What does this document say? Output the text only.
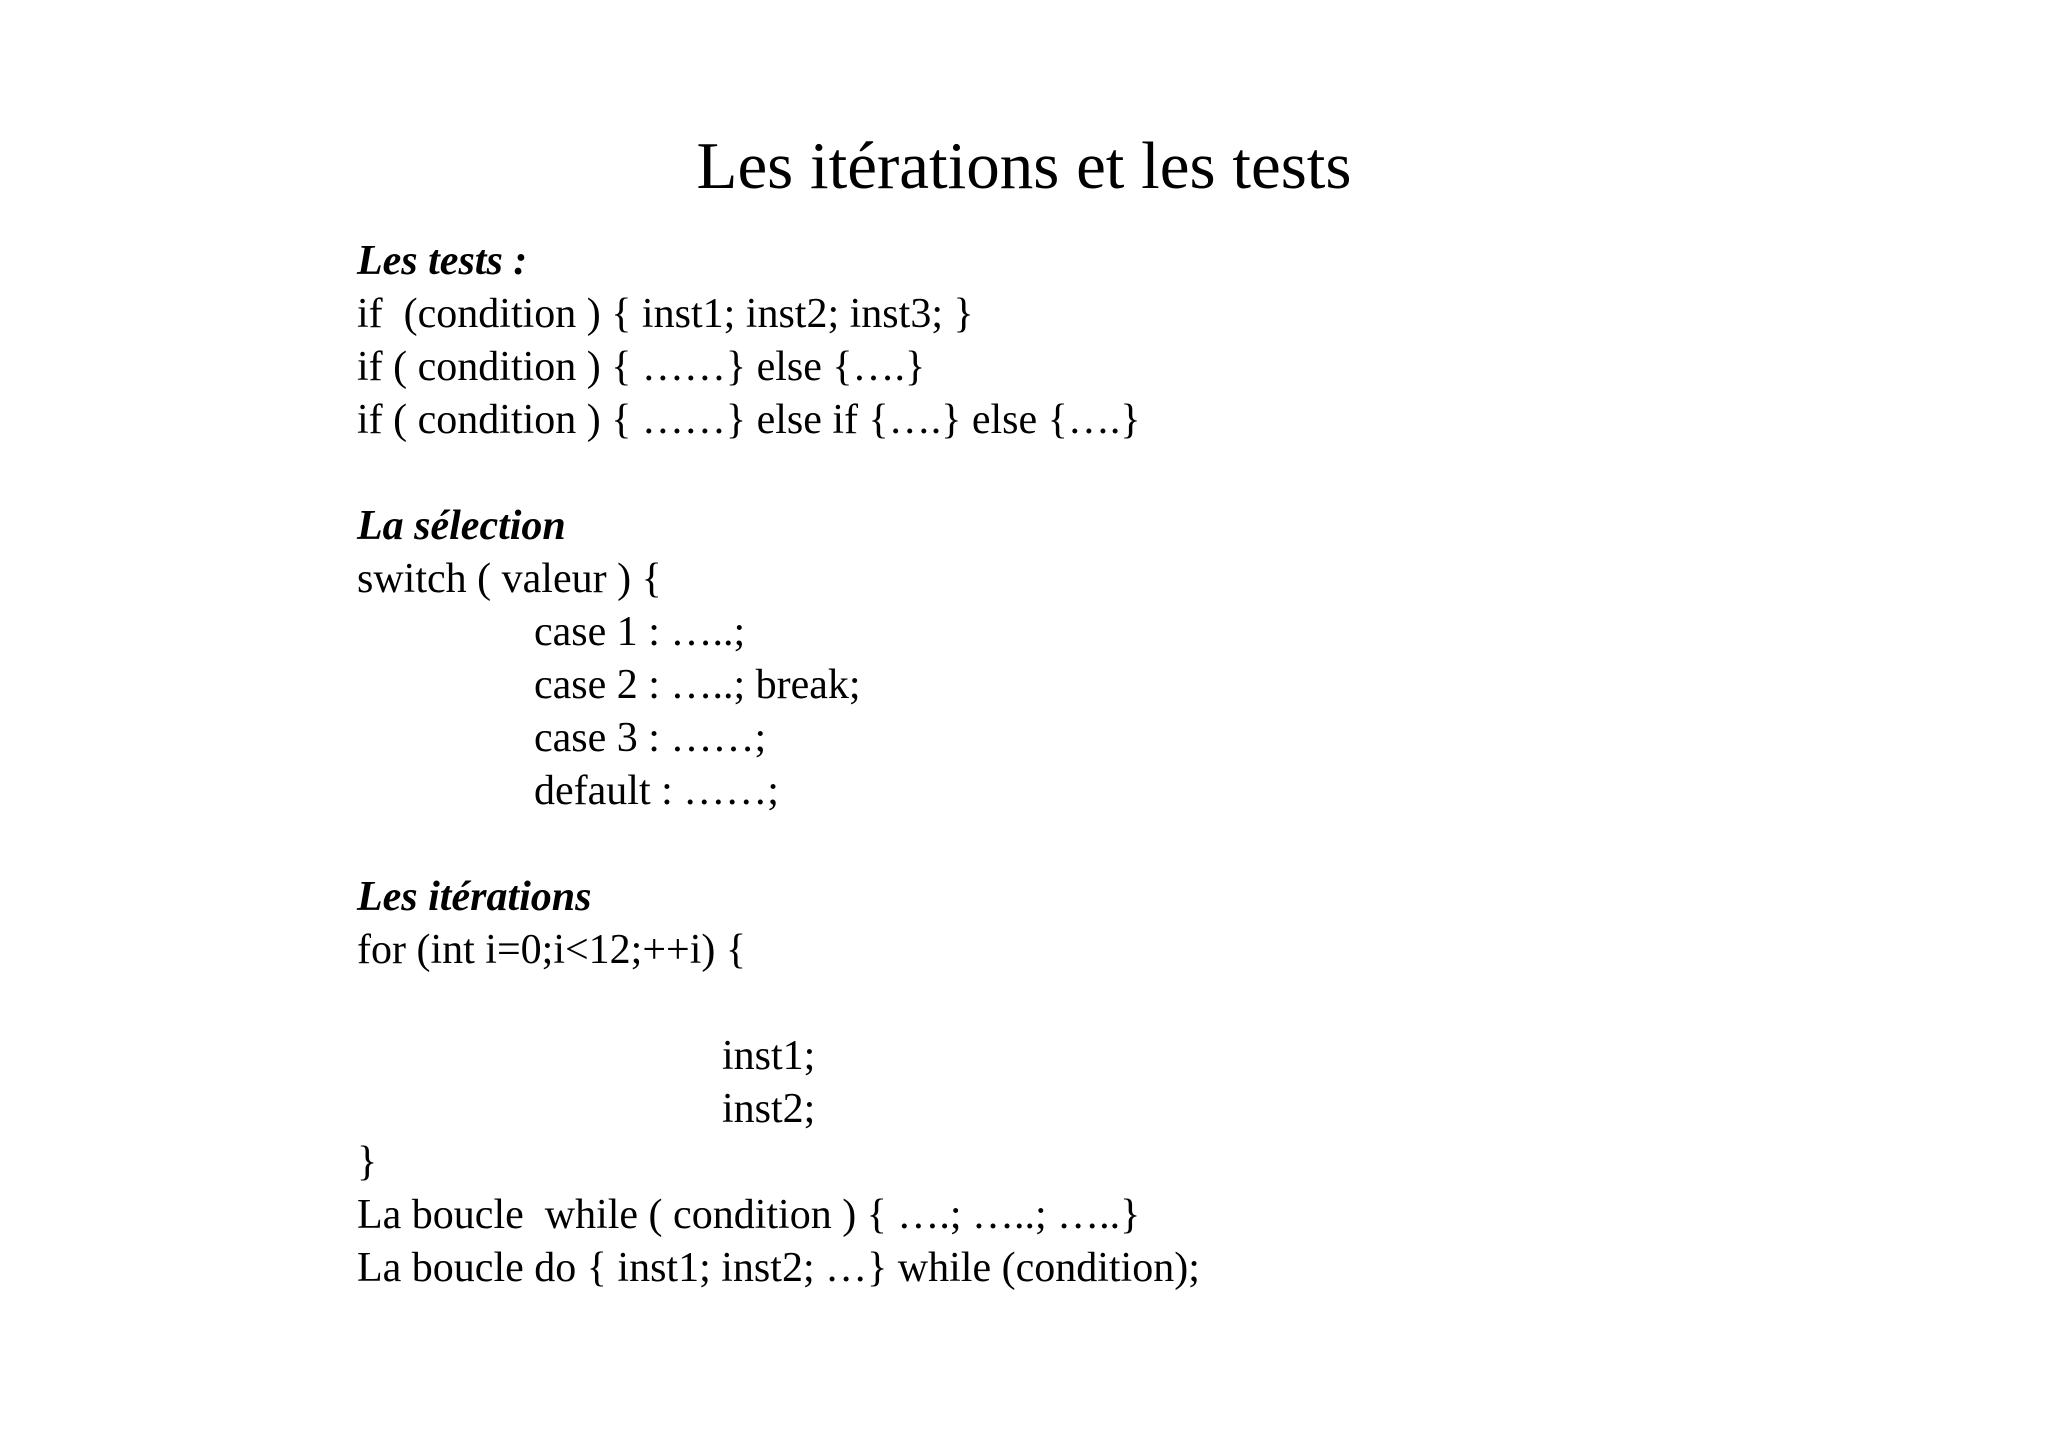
Les itérations et les tests

Les tests :

if  (condition ) { inst1; inst2; inst3; }

if ( condition ) { ……} else {….}

if ( condition ) { ……} else if {….} else {….}

La sélection

switch ( valeur ) {

case 1 : …..;

case 2 : …..; break;

case 3 : ……;

default : ……;

Les itérations

for (int i=0;i<12;++i) {

inst1;

inst2;

}

La boucle  while ( condition ) { ….; …..; …..}

La boucle do { inst1; inst2; …} while (condition);
